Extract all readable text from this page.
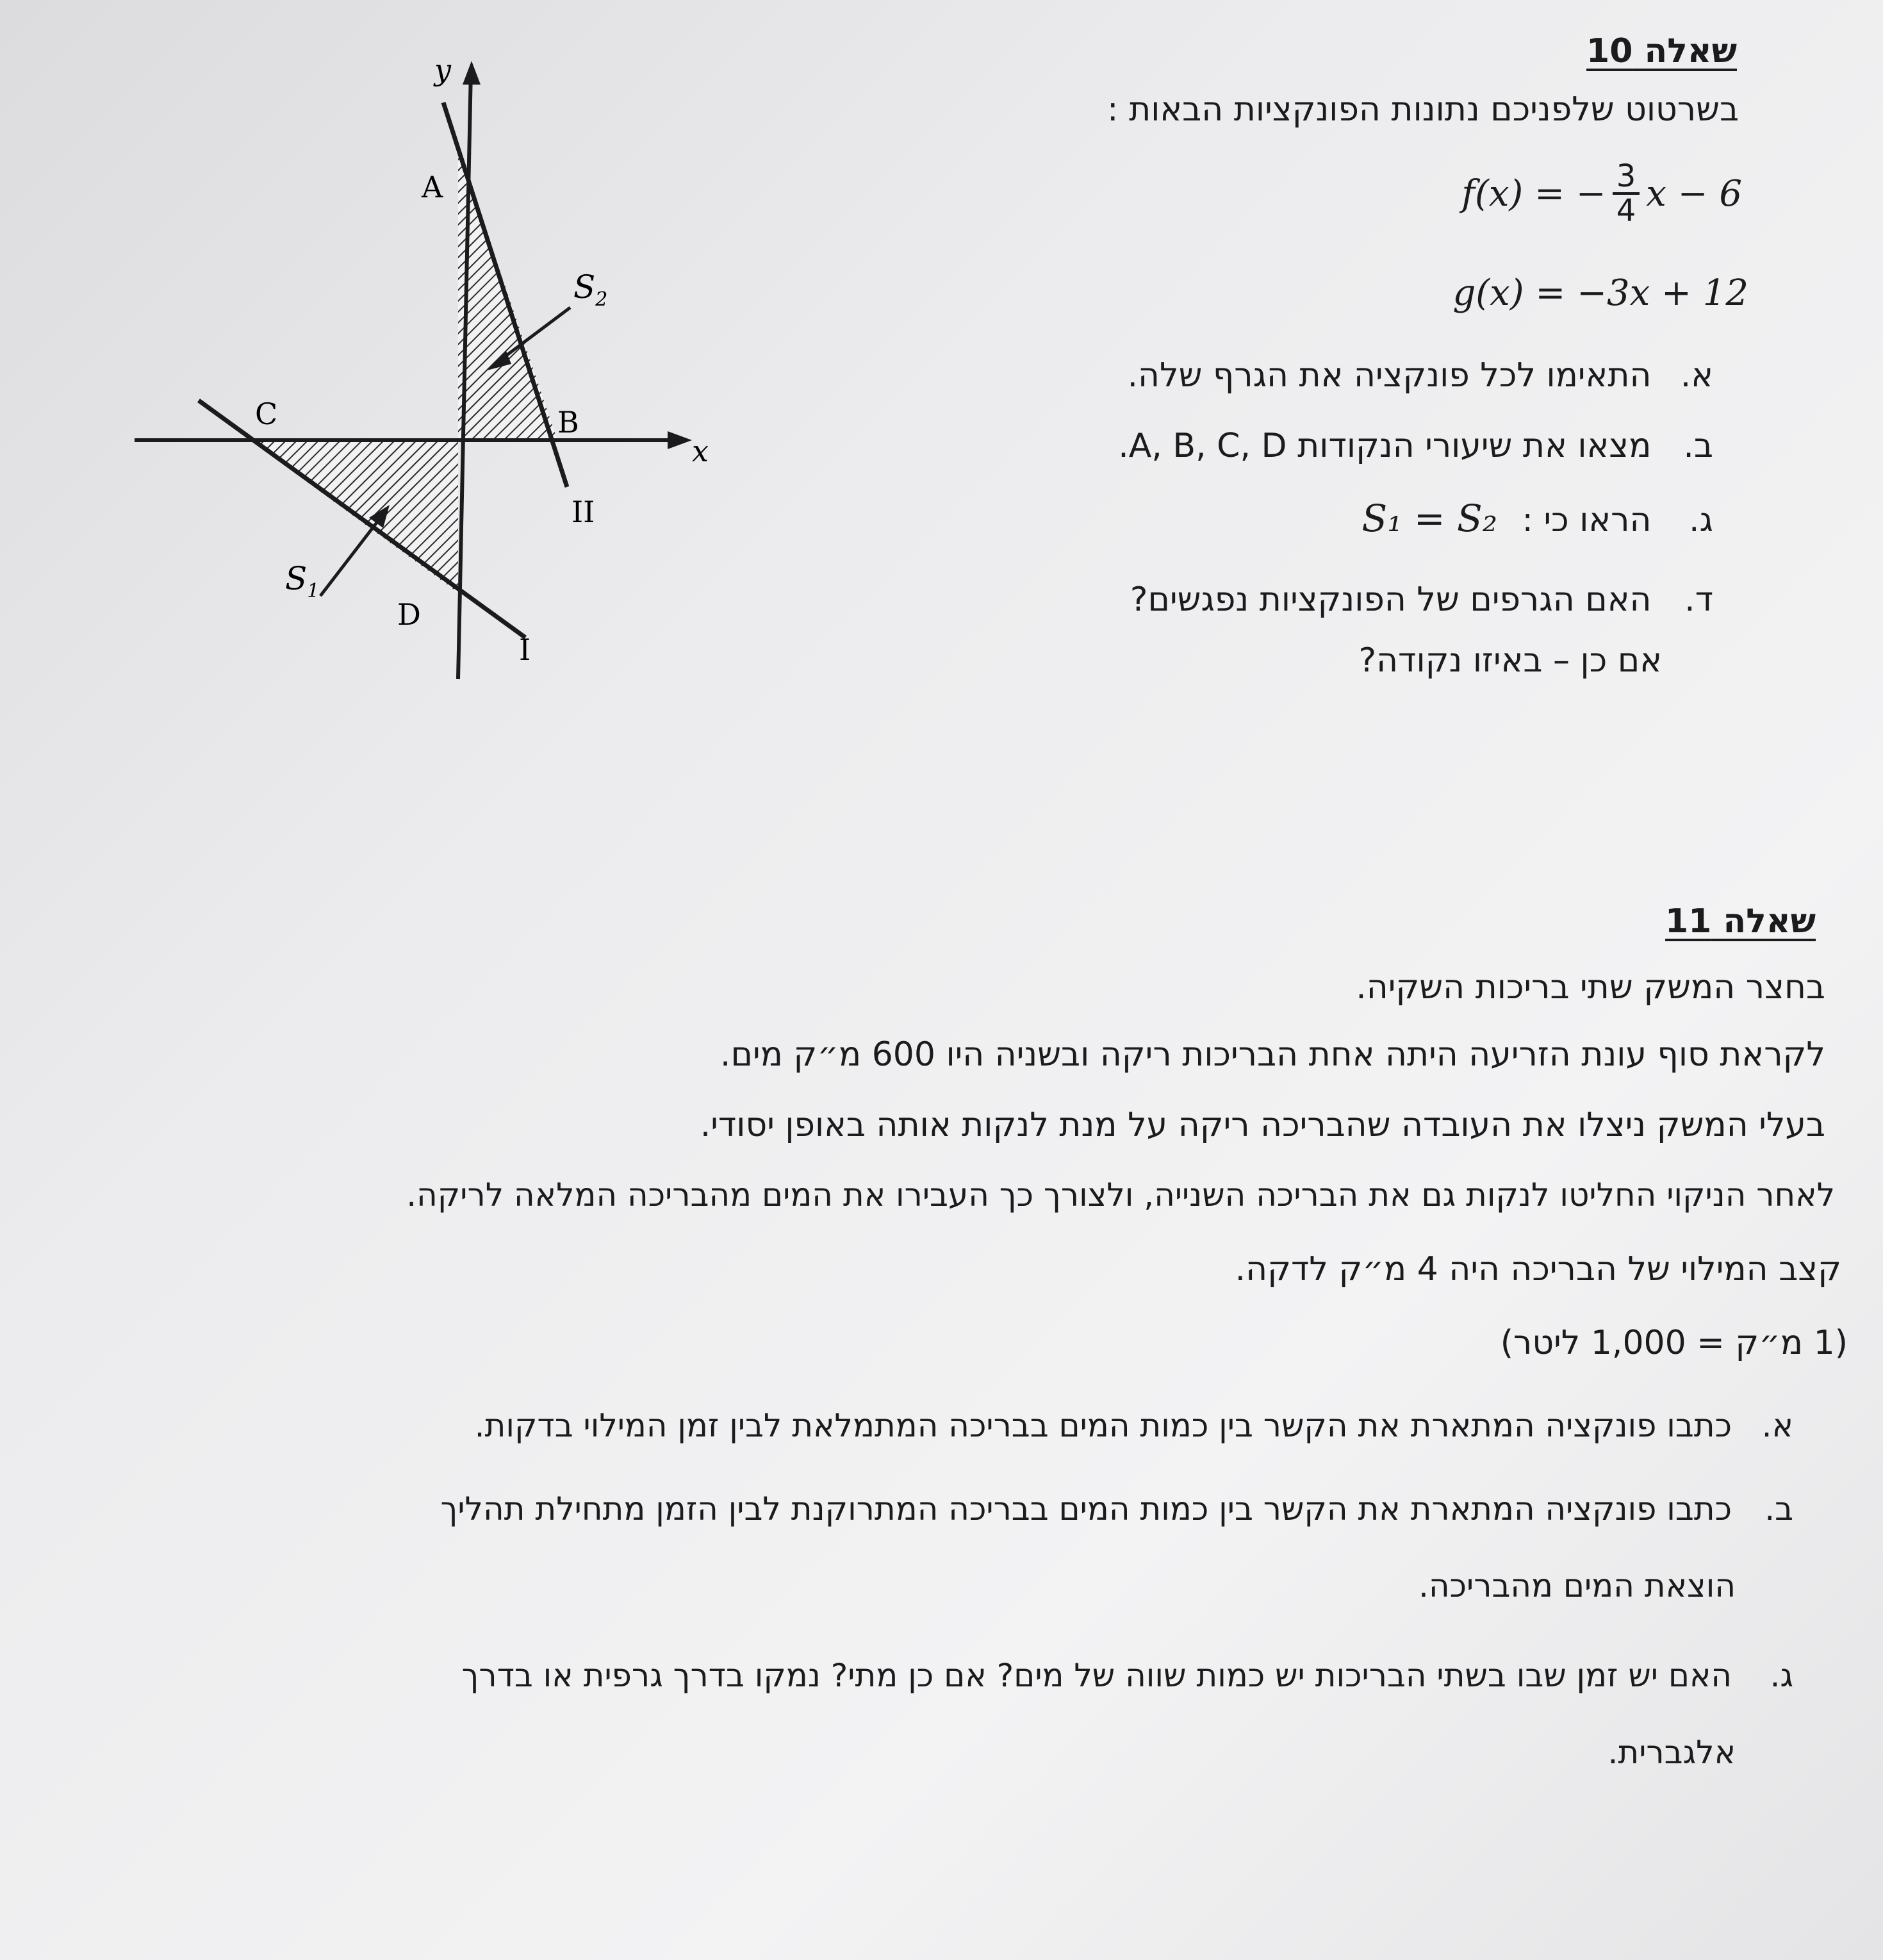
שאלה 10
בשרטוט שלפניכם נתונות הפונקציות הבאות :
f(x) = − $\frac{3}{4}$ x − 6
g(x) = −3x + 12
א. התאימו לכל פונקציה את הגרף שלה.
ב. מצאו את שיעורי הנקודות A, B, C, D.
ג. הראו כי : S₁ = S₂
ד. האם הגרפים של הפונקציות נפגשים?
אם כן – באיזו נקודה?
y
x
A
B
C
D
I
II
$S_2$
$S_1$
שאלה 11
בחצר המשק שתי בריכות השקיה.
לקראת סוף עונת הזריעה היתה אחת הבריכות ריקה ובשניה היו 600 מ״ק מים.
בעלי המשק ניצלו את העובדה שהבריכה ריקה על מנת לנקות אותה באופן יסודי.
לאחר הניקוי החליטו לנקות גם את הבריכה השנייה, ולצורך כך העבירו את המים מהבריכה המלאה לריקה.
קצב המילוי של הבריכה היה 4 מ״ק לדקה.
(1 מ״ק = 1,000 ליטר)
א. כתבו פונקציה המתארת את הקשר בין כמות המים בבריכה המתמלאת לבין זמן המילוי בדקות.
ב. כתבו פונקציה המתארת את הקשר בין כמות המים בבריכה המתרוקנת לבין הזמן מתחילת תהליך
הוצאת המים מהבריכה.
ג. האם יש זמן שבו בשתי הבריכות יש כמות שווה של מים? אם כן מתי? נמקו בדרך גרפית או בדרך
אלגברית.
